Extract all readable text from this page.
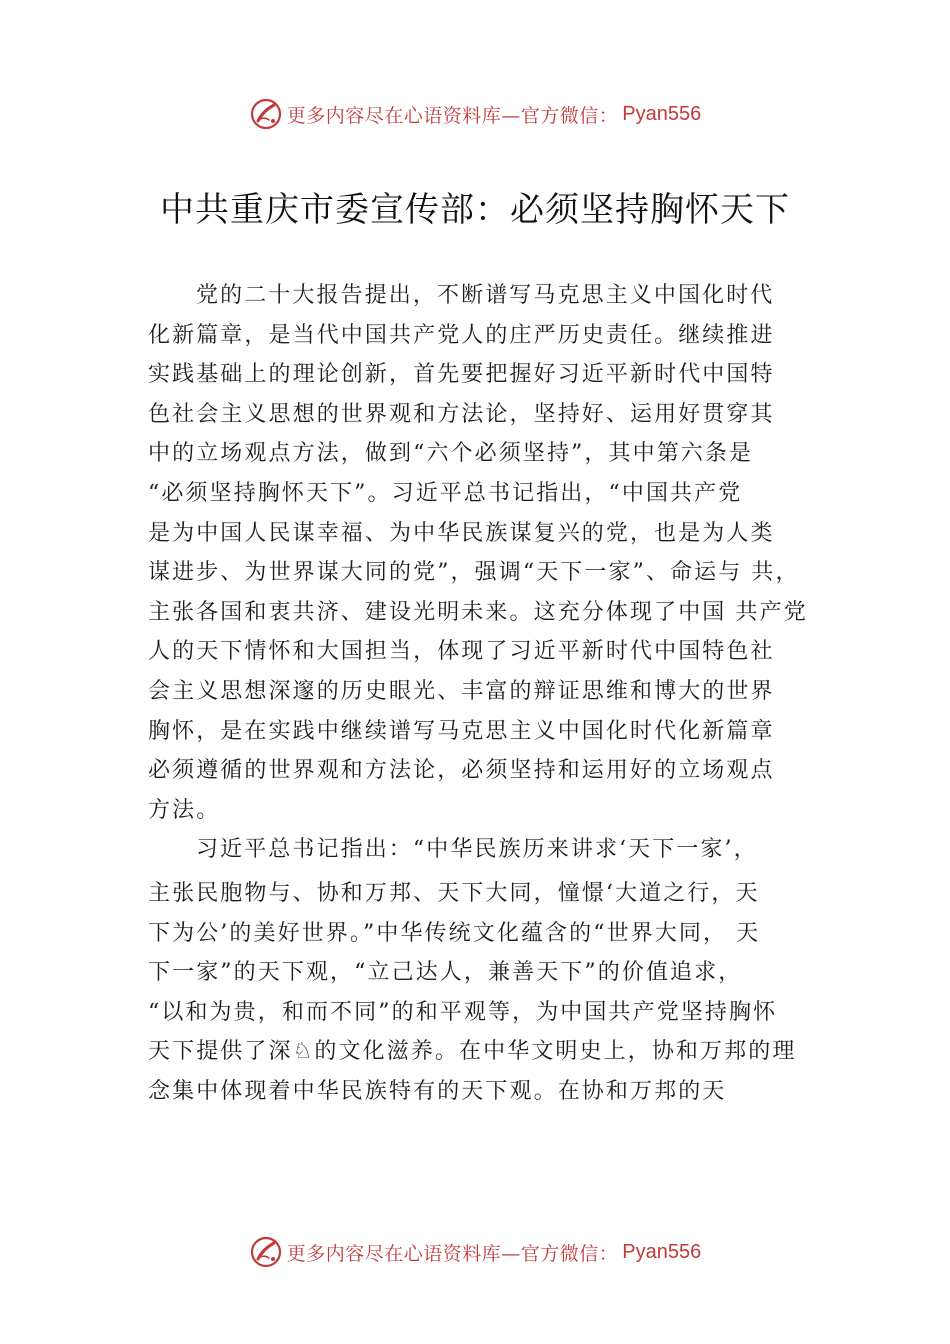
更多内容尽在心语资料库—官方微信： Pyan556
中共重庆市委宣传部：必须坚持胸怀天下
党的二十大报告提出，不断谱写马克思主义中国化时代
化新篇章，是当代中国共产党人的庄严历史责任。继续推进
实践基础上的理论创新，首先要把握好习近平新时代中国特
色社会主义思想的世界观和方法论，坚持好、运用好贯穿其
中的立场观点方法，做到“六个必须坚持”，其中第六条是
“必须坚持胸怀天下”。习近平总书记指出，“中国共产党
是为中国人民谋幸福、为中华民族谋复兴的党，也是为人类
谋进步、为世界谋大同的党”，强调“天下一家”、命运与 共，
主张各国和衷共济、建设光明未来。这充分体现了中国 共产党
人的天下情怀和大国担当，体现了习近平新时代中国特色社
会主义思想深邃的历史眼光、丰富的辩证思维和博大的世界
胸怀，是在实践中继续谱写马克思主义中国化时代化新篇章
必须遵循的世界观和方法论，必须坚持和运用好的立场观点
方法。
习近平总书记指出：“中华民族历来讲求‘天下一家’，
主张民胞物与、协和万邦、天下大同，憧憬‘大道之行，天
下为公’的美好世界。”中华传统文化蕴含的“世界大同， 天
下一家”的天下观，“立己达人，兼善天下”的价值追求，
“以和为贵，和而不同”的和平观等，为中国共产党坚持胸怀
天下提供了深♘的文化滋养。在中华文明史上，协和万邦的理
念集中体现着中华民族特有的天下观。在协和万邦的天
更多内容尽在心语资料库—官方微信： Pyan556
